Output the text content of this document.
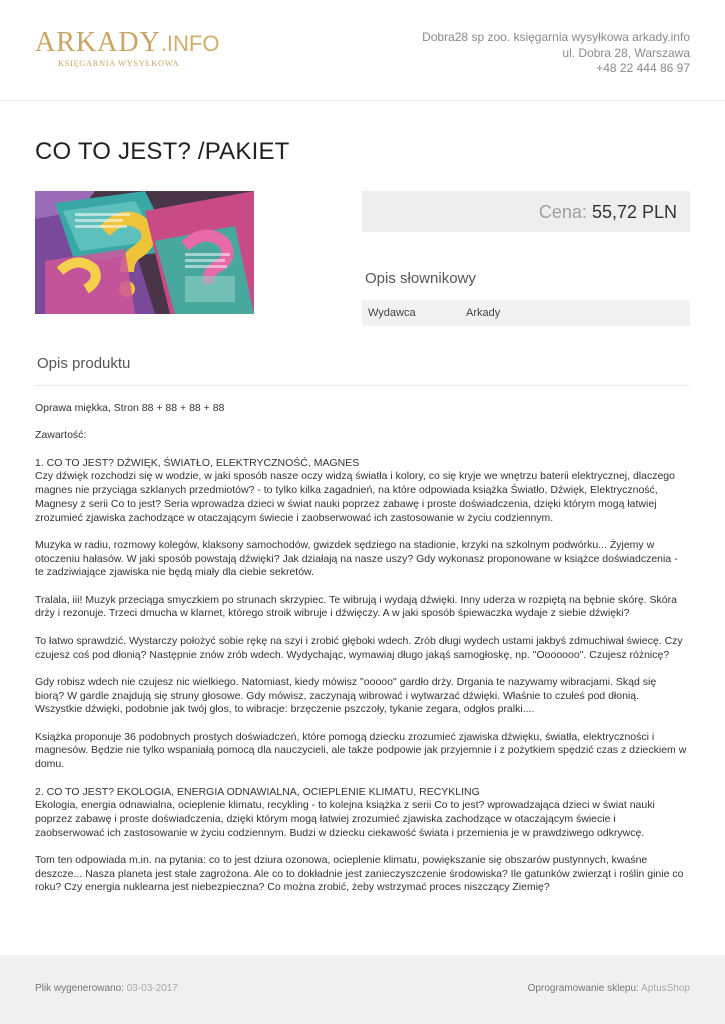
ARKADY.INFO
KSIĘGARNIA WYSYŁKOWA
Dobra28 sp zoo. księgarnia wysyłkowa arkady.info
ul. Dobra 28, Warszawa
+48 22 444 86 97
CO TO JEST? /PAKIET
Cena: 55,72 PLN
Opis słownikowy
Wydawca	Arkady
Opis produktu

Oprawa miękka, Stron 88 + 88 + 88 + 88

Zawartość:

1. CO TO JEST? DŹWIĘK, ŚWIATŁO, ELEKTRYCZNOŚĆ, MAGNES
Czy dźwięk rozchodzi się w wodzie, w jaki sposób nasze oczy widzą światła i kolory, co się kryje we wnętrzu baterii elektrycznej, dlaczego magnes nie przyciąga szklanych przedmiotów? - to tylko kilka zagadnień, na które odpowiada książka Światło, Dźwięk, Elektryczność, Magnesy z serii Co to jest? Seria wprowadza dzieci w świat nauki poprzez zabawę i proste doświadczenia, dzięki którym mogą łatwiej zrozumieć zjawiska zachodzące w otaczającym świecie i zaobserwować ich zastosowanie w życiu codziennym.

Muzyka w radiu, rozmowy kolegów, klaksony samochodów, gwizdek sędziego na stadionie, krzyki na szkolnym podwórku... Żyjemy w otoczeniu hałasów. W jaki sposób powstają dźwięki? Jak działają na nasze uszy? Gdy wykonasz proponowane w książce doświadczenia - te zadziwiające zjawiska nie będą miały dla ciebie sekretów.

Tralala, iii! Muzyk przeciąga smyczkiem po strunach skrzypiec. Te wibrują i wydają dźwięki. Inny uderza w rozpiętą na bębnie skórę. Skóra drży i rezonuje. Trzeci dmucha w klarnet, którego stroik wibruje i dźwięczy. A w jaki sposób śpiewaczka wydaje z siebie dźwięki?

To łatwo sprawdzić. Wystarczy położyć sobie rękę na szyi i zrobić głęboki wdech. Zrób długi wydech ustami jakbyś zdmuchiwał świecę. Czy czujesz coś pod dłonią? Następnie znów zrób wdech. Wydychając, wymawiaj długo jakąś samogłoskę, np. "Ooooooo". Czujesz różnicę?

Gdy robisz wdech nie czujesz nic wielkiego. Natomiast, kiedy mówisz "ooooo" gardło drży. Drgania te nazywamy wibracjami. Skąd się biorą? W gardle znajdują się struny głosowe. Gdy mówisz, zaczynają wibrować i wytwarzać dźwięki. Właśnie to czułeś pod dłonią. Wszystkie dźwięki, podobnie jak twój głos, to wibracje: brzęczenie pszczoły, tykanie zegara, odgłos pralki....

Książka proponuje 36 podobnych prostych doświadczeń, które pomogą dziecku zrozumieć zjawiska dźwięku, światła, elektryczności i magnesów. Będzie nie tylko wspaniałą pomocą dla nauczycieli, ale także podpowie jak przyjemnie i z pożytkiem spędzić czas z dzieckiem w domu.

2. CO TO JEST? EKOLOGIA, ENERGIA ODNAWIALNA, OCIEPLENIE KLIMATU, RECYKLING
Ekologia, energia odnawialna, ocieplenie klimatu, recykling - to kolejna książka z serii Co to jest? wprowadzająca dzieci w świat nauki poprzez zabawę i proste doświadczenia, dzięki którym mogą łatwiej zrozumieć zjawiska zachodzące w otaczającym świecie i zaobserwować ich zastosowanie w życiu codziennym. Budzi w dziecku ciekawość świata i przemienia je w prawdziwego odkrywcę.

Tom ten odpowiada m.in. na pytania: co to jest dziura ozonowa, ocieplenie klimatu, powiększanie się obszarów pustynnych, kwaśne deszcze... Nasza planeta jest stale zagrożona. Ale co to dokładnie jest zanieczyszczenie środowiska? Ile gatunków zwierząt i roślin ginie co roku? Czy energia nuklearna jest niebezpieczna? Co można zrobić, żeby wstrzymać proces niszczący Ziemię?

Plik wygenerowano: 03-03-2017	Oprogramowanie sklepu: AptusShop
